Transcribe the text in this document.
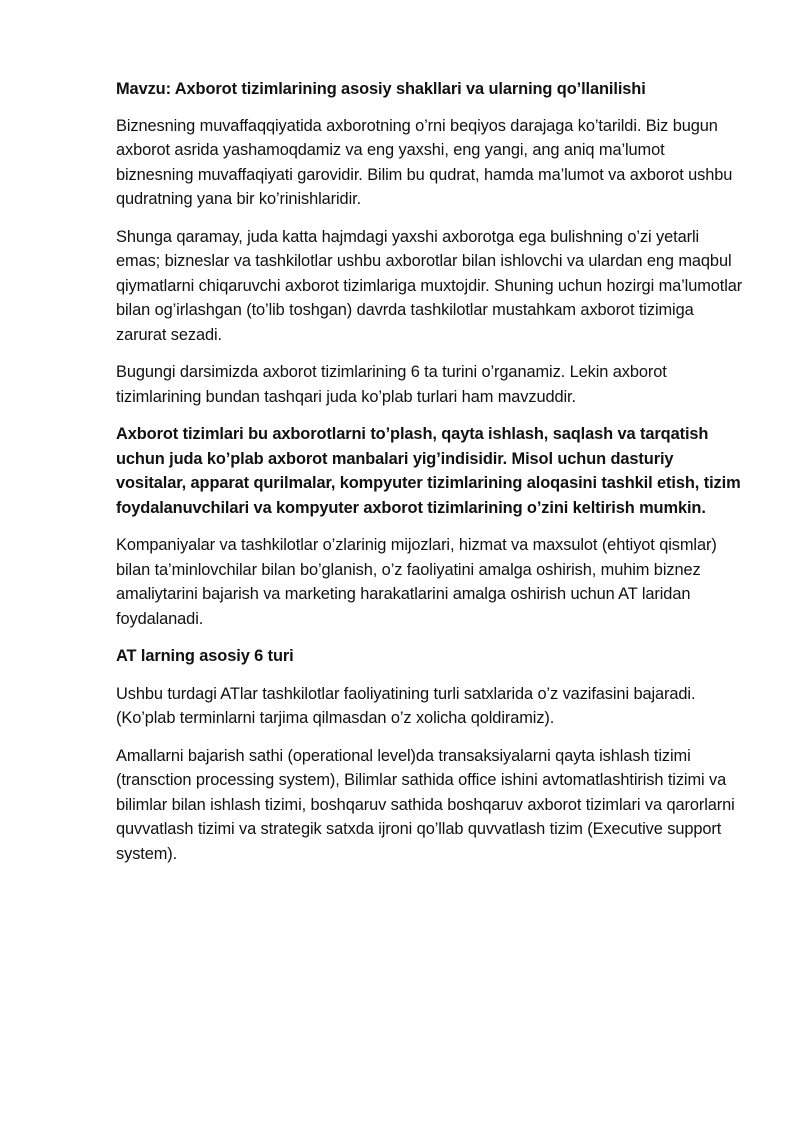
Mavzu: Axborot tizimlarining asosiy shakllari va ularning qo’llanilishi

Biznesning muvaffaqqiyatida axborotning o’rni beqiyos darajaga ko’tarildi. Biz bugun axborot asrida yashamoqdamiz va eng yaxshi, eng yangi, ang aniq ma’lumot biznesning muvaffaqiyati garovidir. Bilim bu qudrat, hamda ma’lumot va axborot ushbu qudratning yana bir ko’rinishlaridir.

Shunga qaramay, juda katta hajmdagi yaxshi axborotga ega bulishning o’zi yetarli emas; bizneslar va tashkilotlar ushbu axborotlar bilan ishlovchi va ulardan eng maqbul qiymatlarni chiqaruvchi axborot tizimlariga muxtojdir. Shuning uchun hozirgi ma’lumotlar bilan og’irlashgan (to’lib toshgan) davrda tashkilotlar mustahkam axborot tizimiga zarurat sezadi.

Bugungi darsimizda axborot tizimlarining 6 ta turini o’rganamiz. Lekin axborot tizimlarining bundan tashqari juda ko’plab turlari ham mavzuddir.

Axborot tizimlari bu axborotlarni to’plash, qayta ishlash, saqlash va tarqatish uchun juda ko’plab axborot manbalari yig’indisidir. Misol uchun dasturiy vositalar, apparat qurilmalar, kompyuter tizimlarining aloqasini tashkil etish, tizim foydalanuvchilari va kompyuter axborot tizimlarining o’zini keltirish mumkin.

Kompaniyalar va tashkilotlar o’zlarinig mijozlari, hizmat va maxsulot (ehtiyot qismlar) bilan ta’minlovchilar bilan bo’glanish, o’z faoliyatini amalga oshirish, muhim biznez amaliytarini bajarish va marketing harakatlarini amalga oshirish uchun AT laridan foydalanadi.

AT larning asosiy 6 turi

Ushbu turdagi ATlar tashkilotlar faoliyatining turli satxlarida o’z vazifasini bajaradi. (Ko’plab terminlarni tarjima qilmasdan o’z xolicha qoldiramiz).

Amallarni bajarish sathi (operational level)da transaksiyalarni qayta ishlash tizimi (transction processing system), Bilimlar sathida office ishini avtomatlashtirish tizimi va bilimlar bilan ishlash tizimi, boshqaruv sathida boshqaruv axborot tizimlari va qarorlarni quvvatlash tizimi va strategik satxda ijroni qo’llab quvvatlash tizim (Executive support system).
